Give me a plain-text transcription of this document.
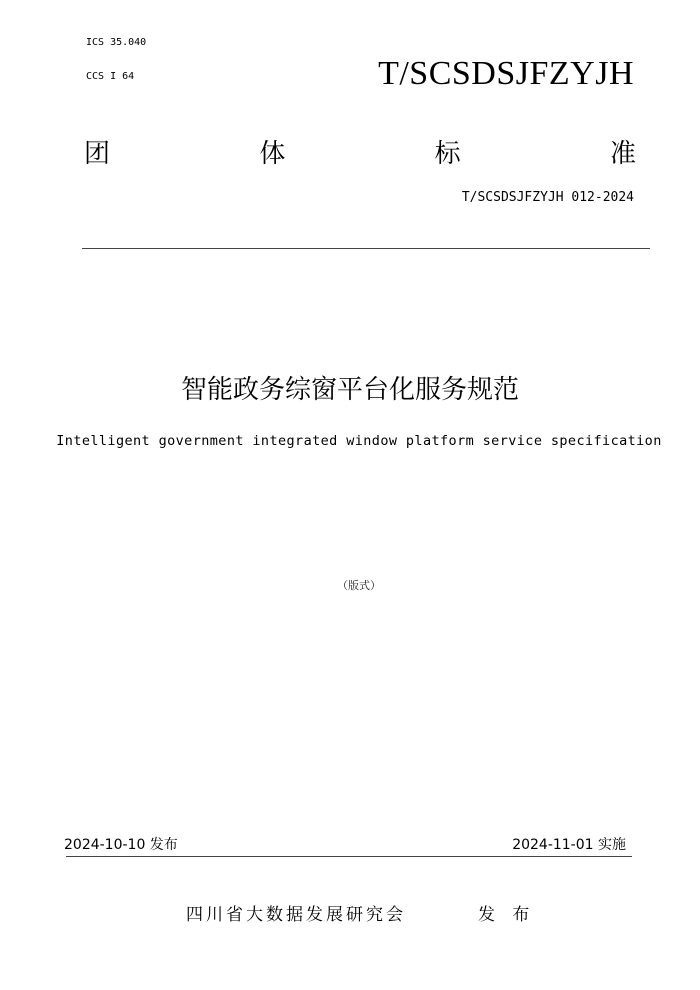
ICS 35.040
CCS I 64	T/SCSDSJFZYJH
团	体	标	准
T/SCSDSJFZYJH 012-2024
智能政务综窗平台化服务规范
Intelligent government integrated window platform service specification
（版式）
2024-10-10 发布	2024-11-01 实施
四川省大数据发展研究会	发 布
